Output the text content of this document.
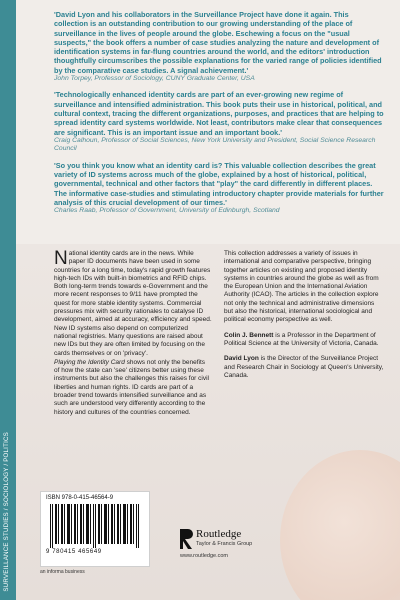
SURVEILLANCE STUDIES / SOCIOLOGY / POLITICS
'David Lyon and his collaborators in the Surveillance Project have done it again. This collection is an outstanding contribution to our growing understanding of the place of surveillance in the lives of people around the globe. Eschewing a focus on the "usual suspects," the book offers a number of case studies analyzing the nature and development of identification systems in far-flung countries around the world, and the editors' introduction thoughtfully circumscribes the possible explanations for the varied range of policies identified by the comparative case studies. A signal achievement.'
John Torpey, Professor of Sociology, CUNY Graduate Center, USA
'Technologically enhanced identity cards are part of an ever-growing new regime of surveillance and intensified administration. This book puts their use in historical, political, and cultural context, tracing the different organizations, purposes, and practices that are helping to spread identity card systems worldwide. Not least, contributors make clear that consequences are significant. This is an important issue and an important book.'
Craig Calhoun, Professor of Social Sciences, New York University and President, Social Science Research Council
'So you think you know what an identity card is? This valuable collection describes the great variety of ID systems across much of the globe, explained by a host of historical, political, governmental, technical and other factors that "play" the card differently in different places. The informative case-studies and stimulating introductory chapter provide materials for further analysis of this crucial development of our times.'
Charles Raab, Professor of Government, University of Edinburgh, Scotland

National identity cards are in the news. While paper ID documents have been used in some countries for a long time, today's rapid growth features high-tech IDs with built-in biometrics and RFID chips. Both long-term trends towards e-Government and the more recent responses to 9/11 have prompted the quest for more stable identity systems. Commercial pressures mix with security rationales to catalyse ID development, aimed at accuracy, efficiency and speed. New ID systems also depend on computerized national registries. Many questions are raised about new IDs but they are often limited by focusing on the cards themselves or on 'privacy'.

Playing the Identity Card shows not only the benefits of how the state can 'see' citizens better using these instruments but also the challenges this raises for civil liberties and human rights. ID cards are part of a broader trend towards intensified surveillance and as such are understood very differently according to the history and cultures of the countries concerned.

This collection addresses a variety of issues in international and comparative perspective, bringing together articles on existing and proposed identity systems in countries around the globe as well as from the European Union and the International Aviation Authority (ICAO). The articles in the collection explore not only the technical and administrative dimensions but also the historical, international sociological and political economy perspective as well.

Colin J. Bennett is a Professor in the Department of Political Science at the University of Victoria, Canada.

David Lyon is the Director of the Surveillance Project and Research Chair in Sociology at Queen's University, Canada.

ISBN 978-0-415-46564-9
9 780415 465649
an informa business
Routledge
Taylor & Francis Group
www.routledge.com
